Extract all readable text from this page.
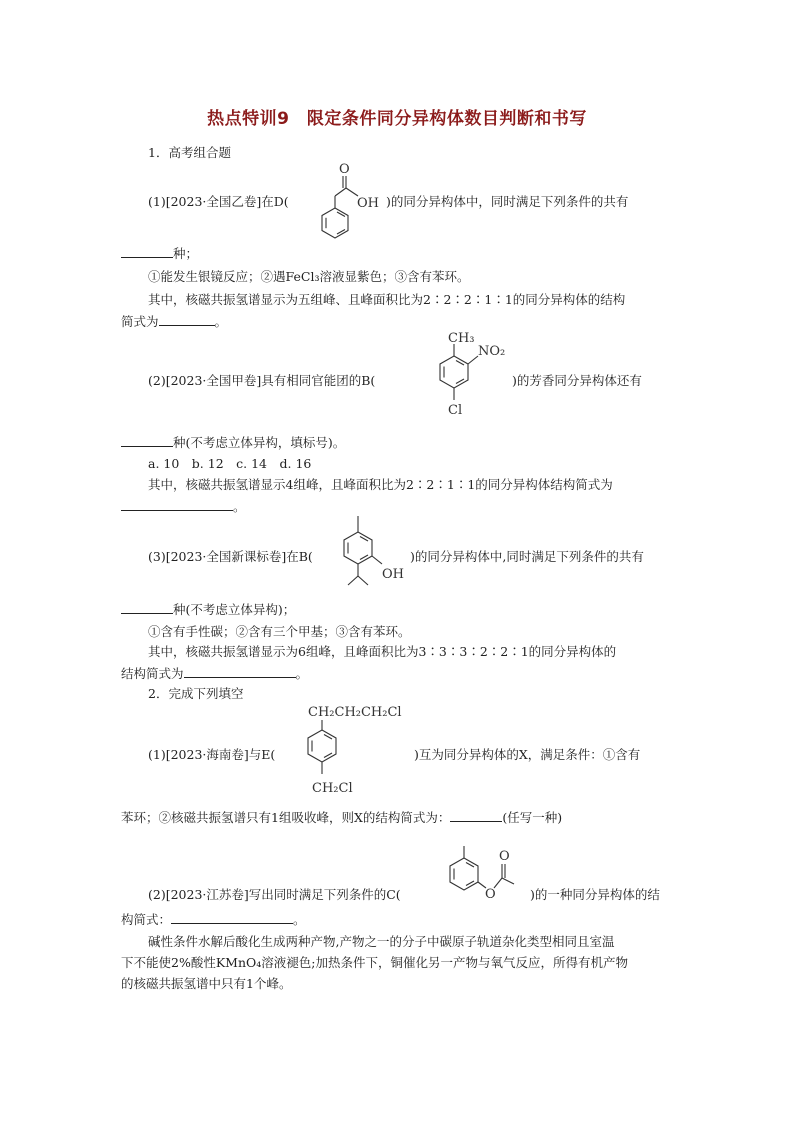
热点特训9　限定条件同分异构体数目判断和书写
1．高考组合题
(1)[2023·全国乙卷]在D(
O
OH )的同分异构体中，同时满足下列条件的共有
种；
①能发生银镜反应；②遇FeCl₃溶液显紫色；③含有苯环。
其中，核磁共振氢谱显示为五组峰、且峰面积比为2∶2∶2∶1∶1的同分异构体的结构
简式为	。
(2)[2023·全国甲卷]具有相同官能团的B(
CH₃
NO₂
Cl
)的芳香同分异构体还有
种(不考虑立体异构，填标号)。
a. 10　b. 12　c. 14　d. 16
其中，核磁共振氢谱显示4组峰，且峰面积比为2∶2∶1∶1的同分异构体结构简式为
。
(3)[2023·全国新课标卷]在B(
OH
)的同分异构体中,同时满足下列条件的共有
种(不考虑立体异构)；
①含有手性碳；②含有三个甲基；③含有苯环。
其中，核磁共振氢谱显示为6组峰，且峰面积比为3∶3∶3∶2∶2∶1的同分异构体的
结构简式为	。
2．完成下列填空
(1)[2023·海南卷]与E(
CH₂CH₂CH₂Cl
CH₂Cl
)互为同分异构体的X，满足条件：①含有
苯环；②核磁共振氢谱只有1组吸收峰，则X的结构简式为：	(任写一种)
(2)[2023·江苏卷]写出同时满足下列条件的C(
O
O	)的一种同分异构体的结
构简式：	。
碱性条件水解后酸化生成两种产物,产物之一的分子中碳原子轨道杂化类型相同且室温
下不能使2%酸性KMnO₄溶液褪色;加热条件下，铜催化另一产物与氧气反应，所得有机产物
的核磁共振氢谱中只有1个峰。
